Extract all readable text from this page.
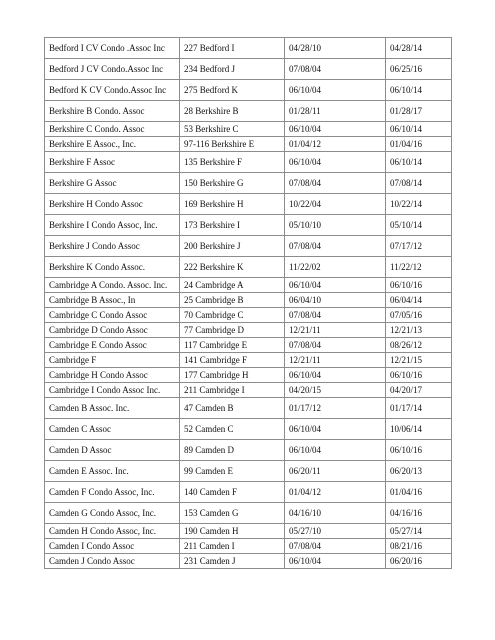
Bedford I CV Condo .Assoc Inc	227 Bedford I	04/28/10	04/28/14
Bedford J CV Condo.Assoc Inc	234 Bedford J	07/08/04	06/25/16
Bedford K CV Condo.Assoc Inc	275 Bedford K	06/10/04	06/10/14
Berkshire B Condo. Assoc	28 Berkshire B	01/28/11	01/28/17
Berkshire C Condo. Assoc	53 Berkshire C	06/10/04	06/10/14
Berkshire E Assoc., Inc.	97-116 Berkshire E	01/04/12	01/04/16
Berkshire F Assoc	135 Berkshire F	06/10/04	06/10/14
Berkshire G Assoc	150 Berkshire G	07/08/04	07/08/14
Berkshire H Condo Assoc	169 Berkshire H	10/22/04	10/22/14
Berkshire I Condo Assoc, Inc.	173 Berkshire I	05/10/10	05/10/14
Berkshire J Condo Assoc	200 Berkshire J	07/08/04	07/17/12
Berkshire K Condo Assoc.	222 Berkshire K	11/22/02	11/22/12
Cambridge A Condo. Assoc. Inc.	24 Cambridge A	06/10/04	06/10/16
Cambridge B Assoc., In	25 Cambridge B	06/04/10	06/04/14
Cambridge C Condo Assoc	70 Cambridge C	07/08/04	07/05/16
Cambridge D Condo Assoc	77 Cambridge D	12/21/11	12/21/13
Cambridge E Condo Assoc	117 Cambridge E	07/08/04	08/26/12
Cambridge F	141 Cambridge F	12/21/11	12/21/15
Cambridge H Condo Assoc	177 Cambridge H	06/10/04	06/10/16
Cambridge I Condo Assoc Inc.	211 Cambridge I	04/20/15	04/20/17
Camden B Assoc. Inc.	47 Camden B	01/17/12	01/17/14
Camden C Assoc	52 Camden C	06/10/04	10/06/14
Camden D Assoc	89 Camden D	06/10/04	06/10/16
Camden E Assoc. Inc.	99 Camden E	06/20/11	06/20/13
Camden F Condo Assoc, Inc.	140 Camden F	01/04/12	01/04/16
Camden G Condo Assoc, Inc.	153 Camden G	04/16/10	04/16/16
Camden H Condo Assoc, Inc.	190 Camden H	05/27/10	05/27/14
Camden I Condo Assoc	211 Camden I	07/08/04	08/21/16
Camden J Condo Assoc	231 Camden J	06/10/04	06/20/16
